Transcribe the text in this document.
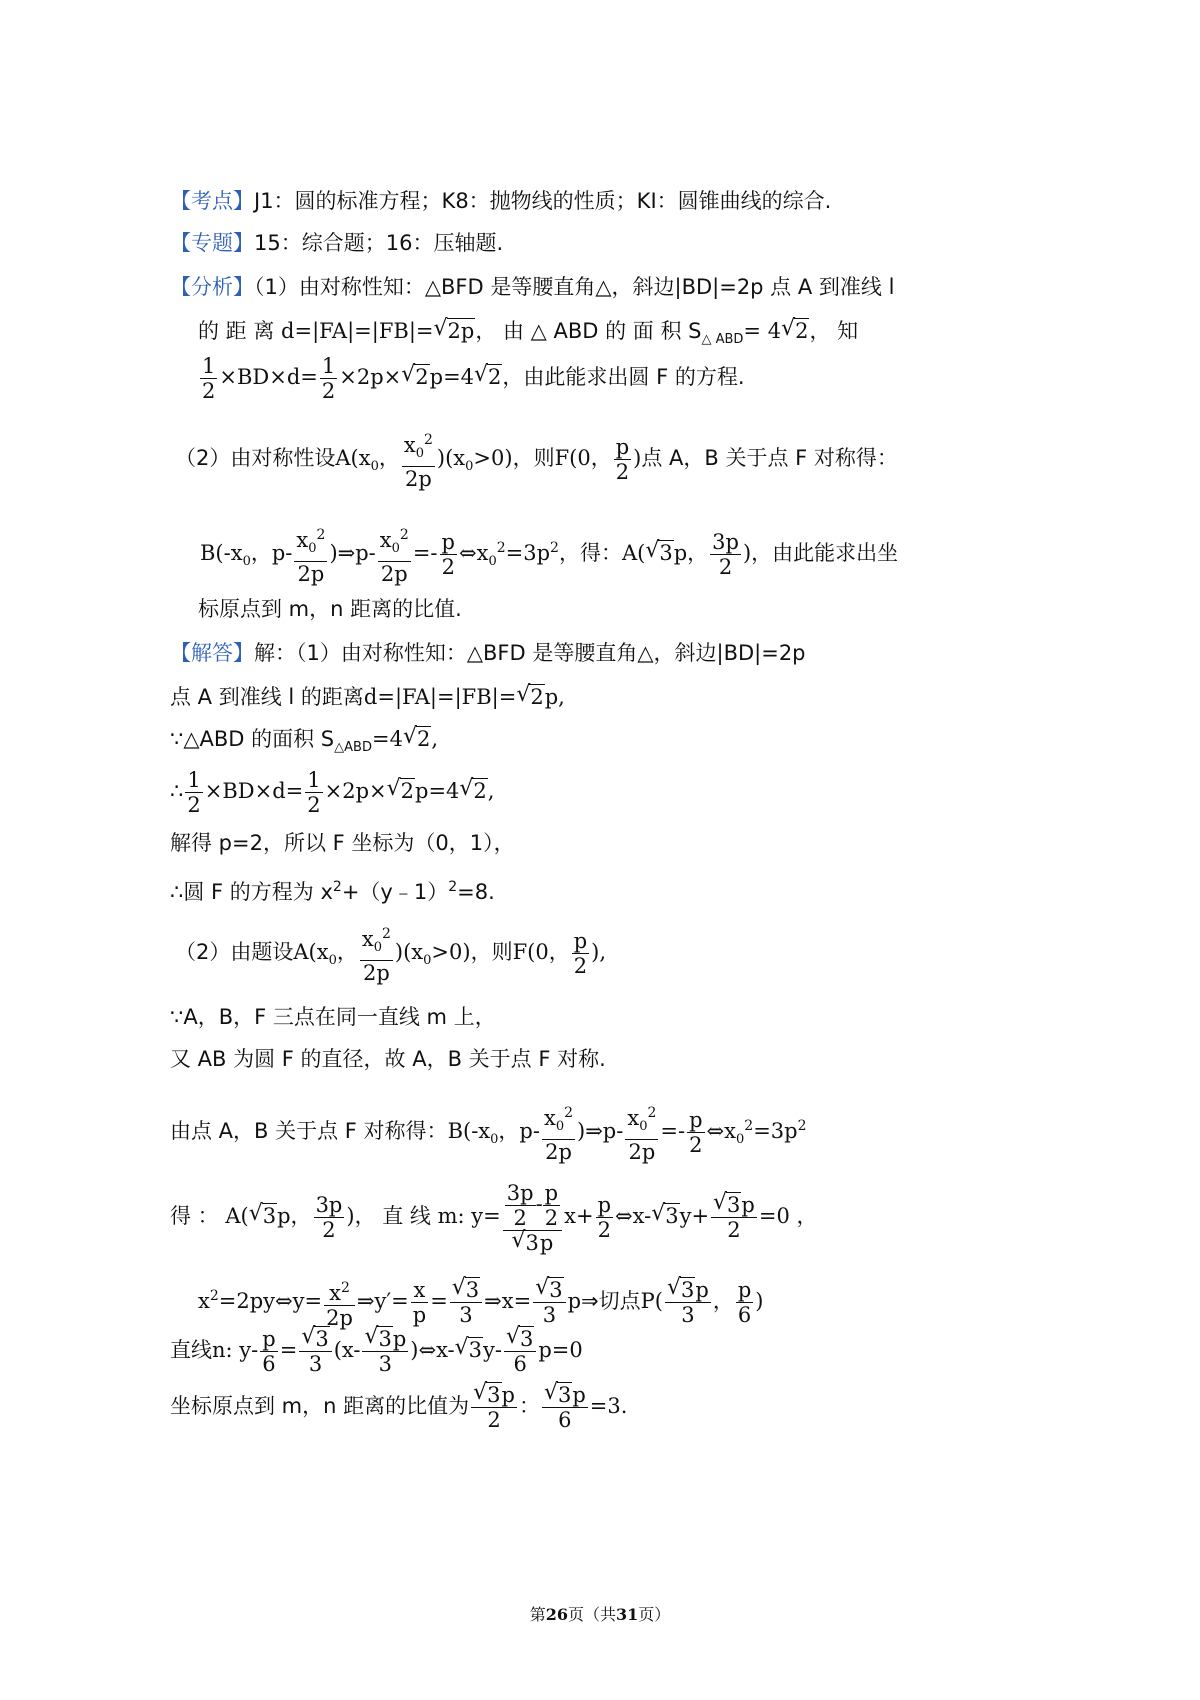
【考点】J1：圆的标准方程；K8：抛物线的性质；KI：圆锥曲线的综合.
【专题】15：综合题；16：压轴题.
【分析】（1）由对称性知：△BFD 是等腰直角△，斜边|BD|=2p 点 A 到准线 l
的 距 离 d=|FA|=|FB|=√ 2p， 由 △ ABD 的 面 积 $S_{\triangle ABD}= 4√$ 2， 知
$\frac{1}{2} \times BD\times d= \frac{1}{2} \times 2p\times√$ 2p=4√ 2，由此能求出圆 F 的方程.
（2）由对称性设$A(x_0$， $\frac{x_0^2}{2p} )(x_0>0)$，则F(0， $\frac{p}{2}$ )点 A，B 关于点 F 对称得：
$B(-x_0$，$p- \frac{x_0^2}{2p}$ )⇒p- $\frac{x_0^2}{2p} =- \frac{p}{2}$ $\Leftrightarrow x_0^2=3p^2$，得：A(√ 3p， $\frac{3p}{2}$ )，由此能求出坐
标原点到 m，n 距离的比值.
【解答】解：（1）由对称性知：△BFD 是等腰直角△，斜边|BD|=2p
点 A 到准线 l 的距离d=|FA|=|FB|=√ 2p,
∵△ABD 的面积 $S_{\triangle ABD}=4√$ 2,
∴ $\frac{1}{2} \times BD\times d= \frac{1}{2} \times 2p\times√$ 2p=4√ 2,
解得 p=2，所以 F 坐标为（0，1），
∴圆 F 的方程为 $x^2+(y﹣1)^2=8$.
（2）由题设$A(x_0$， $\frac{x_0^2}{2p} )(x_0>0)$，则F(0， $\frac{p}{2}$ ),
∵A，B，F 三点在同一直线 m 上，
又 AB 为圆 F 的直径，故 A，B 关于点 F 对称.
由点 A，B 关于点 F 对称得：$B(-x_0$，$p- \frac{x_0^2}{2p}$ )⇒p- $\frac{x_0^2}{2p} =- \frac{p}{2}$ $\Leftrightarrow x_0^2=3p^2$
得 ： A(√ 3p， $\frac{3p}{2}$ )， 直 线 m: $y= \frac{3p}{2} - \frac{p}{2}$
√ 3p $x+ \frac{p}{2}$ ⇔x-√ 3y+
√ $\frac{3p}{2} =0$ ，
$x^2=2py\Leftrightarrow y= \frac{x^2}{2p}$ ⇒y′= $\frac{x}{p}$ =
√ $\frac{3}{3}$ ⇒x=
√ $\frac{3}{3}$ p⇒切点P(
√ $\frac{3p}{3}$ ， $\frac{p}{6}$ )
直线n: $y- \frac{p}{6}$ =
√ $\frac{3}{3} (x-$
√ $\frac{3p}{3}$ )⇔x-√ 3y-
√ $\frac{3}{6} p=0$
坐标原点到 m，n 距离的比值为
√ $\frac{3p}{2}$ ：
√ $\frac{3p}{6} =3$.
第26页（共31页）
